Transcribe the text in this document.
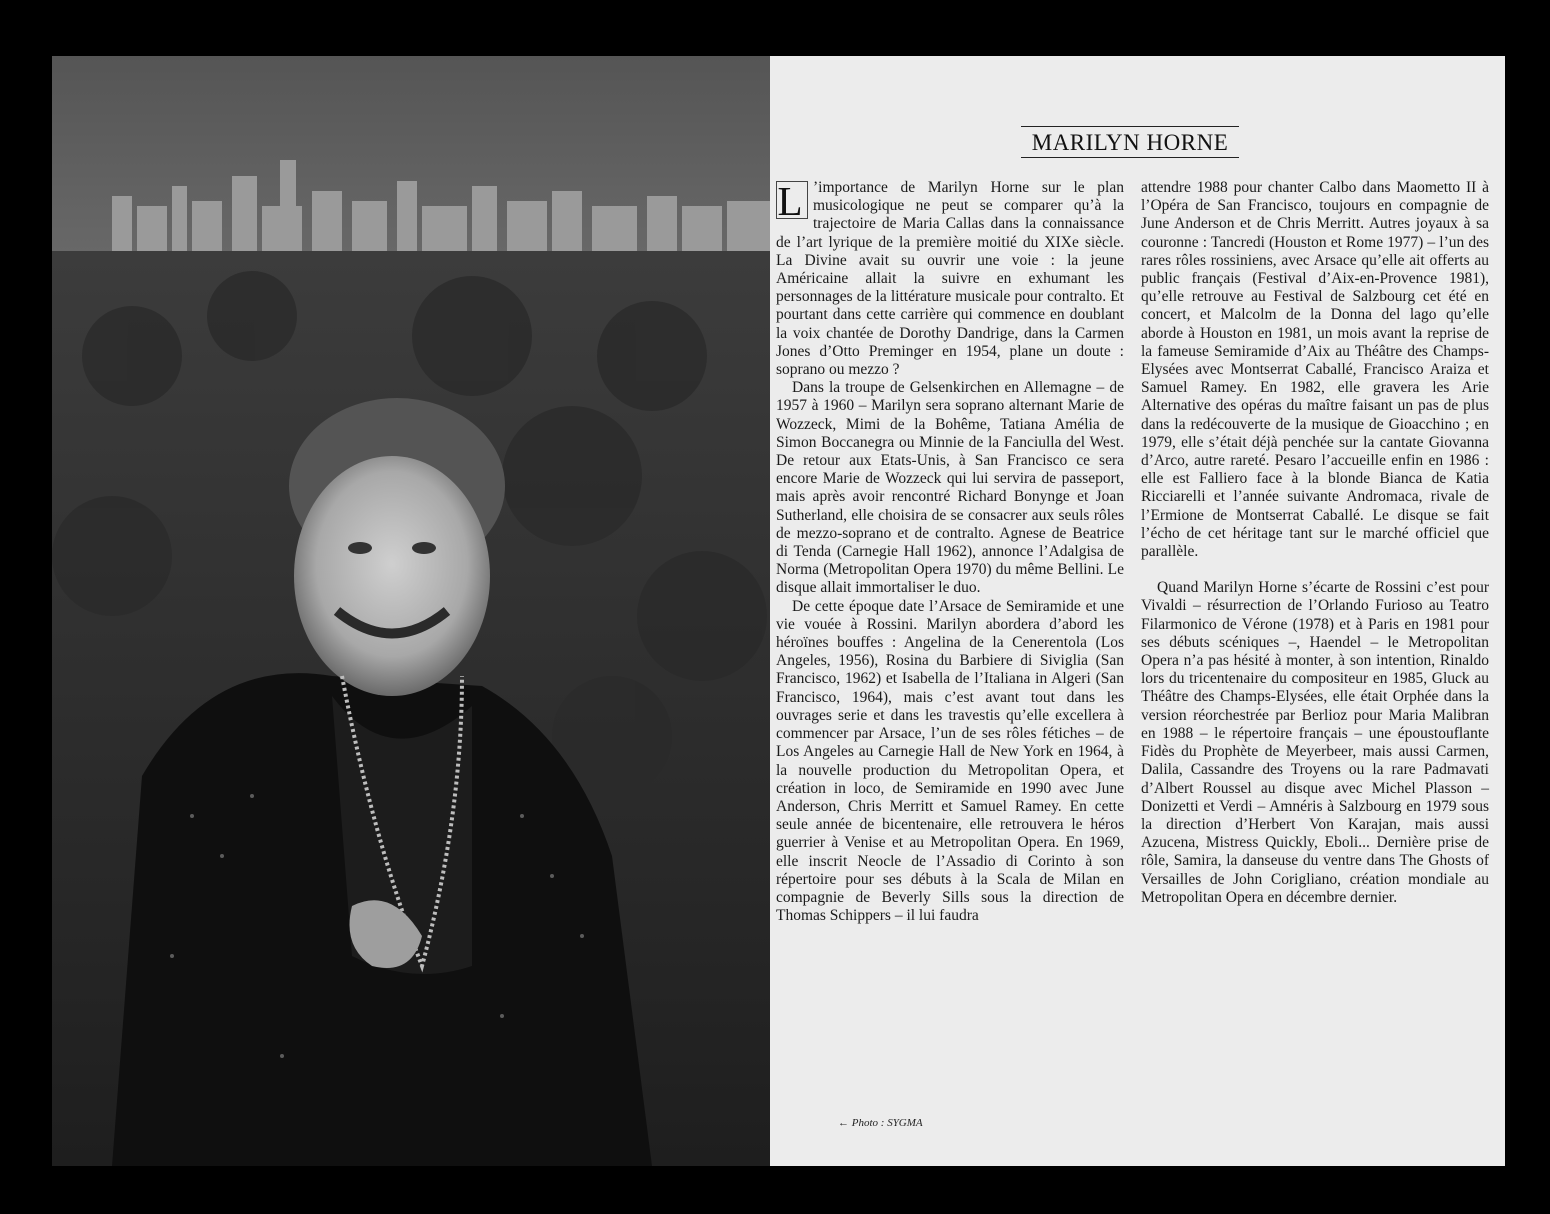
MARILYN HORNE

L ’importance de Marilyn Horne sur le plan musicologique ne peut se comparer qu’à la trajectoire de Maria Callas dans la connaissance de l’art lyrique de la première moitié du XIXe siècle. La Divine avait su ouvrir une voie : la jeune Américaine allait la suivre en exhumant les personnages de la littérature musicale pour contralto. Et pourtant dans cette carrière qui commence en doublant la voix chantée de Dorothy Dandrige, dans la Carmen Jones d’Otto Preminger en 1954, plane un doute : soprano ou mezzo ?

Dans la troupe de Gelsenkirchen en Allemagne – de 1957 à 1960 – Marilyn sera soprano alternant Marie de Wozzeck, Mimi de la Bohême, Tatiana Amélia de Simon Boccanegra ou Minnie de la Fanciulla del West. De retour aux Etats-Unis, à San Francisco ce sera encore Marie de Wozzeck qui lui servira de passeport, mais après avoir rencontré Richard Bonynge et Joan Sutherland, elle choisira de se consacrer aux seuls rôles de mezzo-soprano et de contralto. Agnese de Beatrice di Tenda (Carnegie Hall 1962), annonce l’Adalgisa de Norma (Metropolitan Opera 1970) du même Bellini. Le disque allait immortaliser le duo.

De cette époque date l’Arsace de Semiramide et une vie vouée à Rossini. Marilyn abordera d’abord les héroïnes bouffes : Angelina de la Cenerentola (Los Angeles, 1956), Rosina du Barbiere di Siviglia (San Francisco, 1962) et Isabella de l’Italiana in Algeri (San Francisco, 1964), mais c’est avant tout dans les ouvrages serie et dans les travestis qu’elle excellera à commencer par Arsace, l’un de ses rôles fétiches – de Los Angeles au Carnegie Hall de New York en 1964, à la nouvelle production du Metropolitan Opera, et création in loco, de Semiramide en 1990 avec June Anderson, Chris Merritt et Samuel Ramey. En cette seule année de bicentenaire, elle retrouvera le héros guerrier à Venise et au Metropolitan Opera. En 1969, elle inscrit Neocle de l’Assadio di Corinto à son répertoire pour ses débuts à la Scala de Milan en compagnie de Beverly Sills sous la direction de Thomas Schippers – il lui faudra

attendre 1988 pour chanter Calbo dans Maometto II à l’Opéra de San Francisco, toujours en compagnie de June Anderson et de Chris Merritt. Autres joyaux à sa couronne : Tancredi (Houston et Rome 1977) – l’un des rares rôles rossiniens, avec Arsace qu’elle ait offerts au public français (Festival d’Aix-en-Provence 1981), qu’elle retrouve au Festival de Salzbourg cet été en concert, et Malcolm de la Donna del lago qu’elle aborde à Houston en 1981, un mois avant la reprise de la fameuse Semiramide d’Aix au Théâtre des Champs-Elysées avec Montserrat Caballé, Francisco Araiza et Samuel Ramey. En 1982, elle gravera les Arie Alternative des opéras du maître faisant un pas de plus dans la redécouverte de la musique de Gioacchino ; en 1979, elle s’était déjà penchée sur la cantate Giovanna d’Arco, autre rareté. Pesaro l’accueille enfin en 1986 : elle est Falliero face à la blonde Bianca de Katia Ricciarelli et l’année suivante Andromaca, rivale de l’Ermione de Montserrat Caballé. Le disque se fait l’écho de cet héritage tant sur le marché officiel que parallèle.

Quand Marilyn Horne s’écarte de Rossini c’est pour Vivaldi – résurrection de l’Orlando Furioso au Teatro Filarmonico de Vérone (1978) et à Paris en 1981 pour ses débuts scéniques –, Haendel – le Metropolitan Opera n’a pas hésité à monter, à son intention, Rinaldo lors du tricentenaire du compositeur en 1985, Gluck au Théâtre des Champs-Elysées, elle était Orphée dans la version réorchestrée par Berlioz pour Maria Malibran en 1988 – le répertoire français – une époustouflante Fidès du Prophète de Meyerbeer, mais aussi Carmen, Dalila, Cassandre des Troyens ou la rare Padmavati d’Albert Roussel au disque avec Michel Plasson – Donizetti et Verdi – Amnéris à Salzbourg en 1979 sous la direction d’Herbert Von Karajan, mais aussi Azucena, Mistress Quickly, Eboli... Dernière prise de rôle, Samira, la danseuse du ventre dans The Ghosts of Versailles de John Corigliano, création mondiale au Metropolitan Opera en décembre dernier.

← Photo : SYGMA
